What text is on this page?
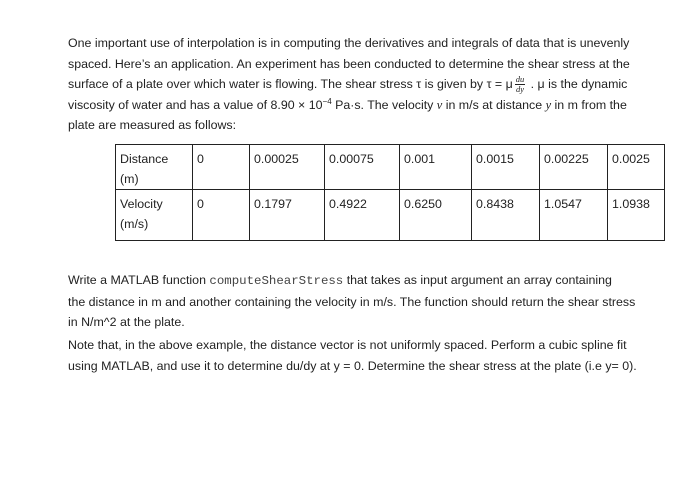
One important use of interpolation is in computing the derivatives and integrals of data that is unevenly
spaced. Here’s an application. An experiment has been conducted to determine the shear stress at the
surface of a plate over which water is flowing. The shear stress τ is given by τ = μ $\frac{du}{dy}$ . μ is the dynamic
viscosity of water and has a value of $8.90 \times 10^{-4}$ Pa·s. The velocity v in m/s at distance y in m from the
plate are measured as follows:
Distance
(m)	0	0.00025	0.00075	0.001	0.0015	0.00225	0.0025
Velocity
(m/s)	0	0.1797	0.4922	0.6250	0.8438	1.0547	1.0938
Write a MATLAB function computeShearStress that takes as input argument an array containing
the distance in m and another containing the velocity in m/s. The function should return the shear stress
in N/m^2 at the plate.
Note that, in the above example, the distance vector is not uniformly spaced. Perform a cubic spline fit
using MATLAB, and use it to determine du/dy at y = 0. Determine the shear stress at the plate (i.e y= 0).
